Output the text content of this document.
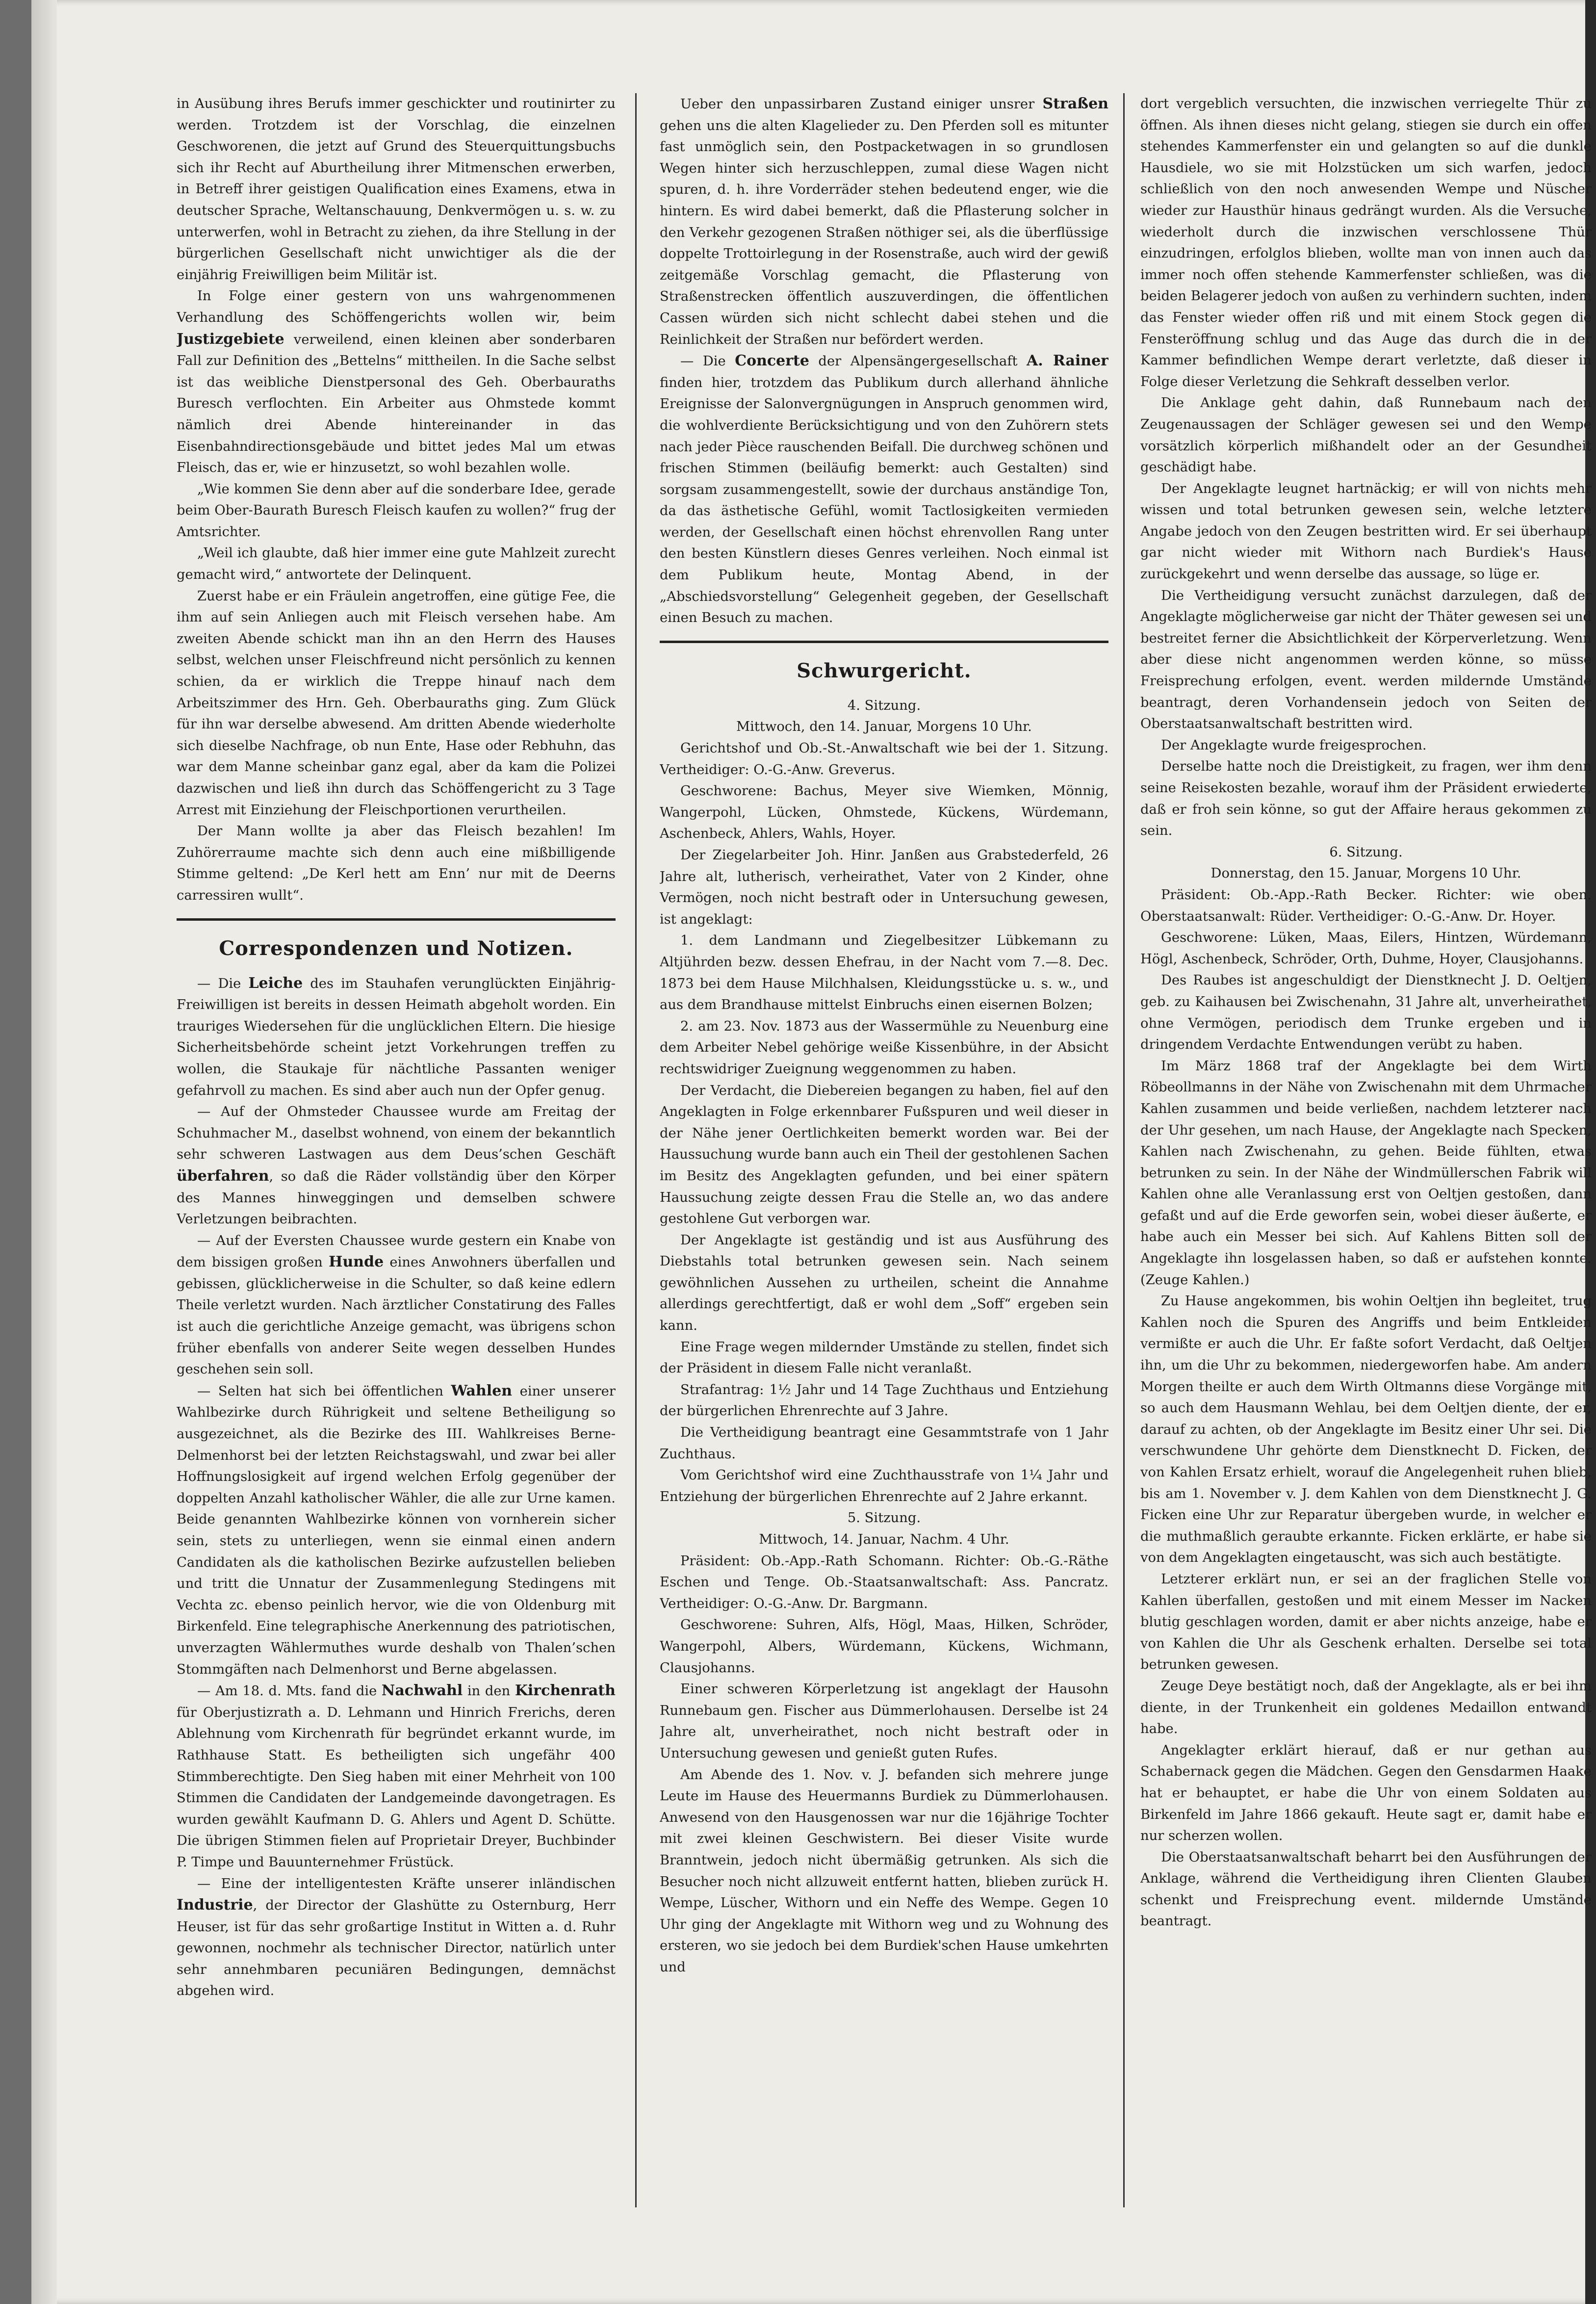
in Ausübung ihres Berufs immer geschickter und routinirter zu werden. Trotzdem ist der Vorschlag, die einzelnen Geschworenen, die jetzt auf Grund des Steuerquittungsbuchs sich ihr Recht auf Aburtheilung ihrer Mitmenschen erwerben, in Betreff ihrer geistigen Qualification eines Examens, etwa in deutscher Sprache, Weltanschauung, Denkvermögen u. s. w. zu unterwerfen, wohl in Betracht zu ziehen, da ihre Stellung in der bürgerlichen Gesellschaft nicht unwichtiger als die der einjährig Freiwilligen beim Militär ist.

In Folge einer gestern von uns wahrgenommenen Verhandlung des Schöffengerichts wollen wir, beim Justizgebiete verweilend, einen kleinen aber sonderbaren Fall zur Definition des „Bettelns“ mittheilen. In die Sache selbst ist das weibliche Dienstpersonal des Geh. Oberbauraths Buresch verflochten. Ein Arbeiter aus Ohmstede kommt nämlich drei Abende hintereinander in das Eisenbahndirectionsgebäude und bittet jedes Mal um etwas Fleisch, das er, wie er hinzusetzt, so wohl bezahlen wolle.

„Wie kommen Sie denn aber auf die sonderbare Idee, gerade beim Ober-Baurath Buresch Fleisch kaufen zu wollen?“ frug der Amtsrichter.

„Weil ich glaubte, daß hier immer eine gute Mahlzeit zurecht gemacht wird,“ antwortete der Delinquent.

Zuerst habe er ein Fräulein angetroffen, eine gütige Fee, die ihm auf sein Anliegen auch mit Fleisch versehen habe. Am zweiten Abende schickt man ihn an den Herrn des Hauses selbst, welchen unser Fleischfreund nicht persönlich zu kennen schien, da er wirklich die Treppe hinauf nach dem Arbeitszimmer des Hrn. Geh. Oberbauraths ging. Zum Glück für ihn war derselbe abwesend. Am dritten Abende wiederholte sich dieselbe Nachfrage, ob nun Ente, Hase oder Rebhuhn, das war dem Manne scheinbar ganz egal, aber da kam die Polizei dazwischen und ließ ihn durch das Schöffengericht zu 3 Tage Arrest mit Einziehung der Fleischportionen verurtheilen.

Der Mann wollte ja aber das Fleisch bezahlen! Im Zuhörerraume machte sich denn auch eine mißbilligende Stimme geltend: „De Kerl hett am Enn’ nur mit de Deerns carressiren wullt“.

Correspondenzen und Notizen.

— Die Leiche des im Stauhafen verunglückten Einjährig-Freiwilligen ist bereits in dessen Heimath abgeholt worden. Ein trauriges Wiedersehen für die unglücklichen Eltern. Die hiesige Sicherheitsbehörde scheint jetzt Vorkehrungen treffen zu wollen, die Staukaje für nächtliche Passanten weniger gefahrvoll zu machen. Es sind aber auch nun der Opfer genug.

— Auf der Ohmsteder Chaussee wurde am Freitag der Schuhmacher M., daselbst wohnend, von einem der bekanntlich sehr schweren Lastwagen aus dem Deus’schen Geschäft überfahren, so daß die Räder vollständig über den Körper des Mannes hinweggingen und demselben schwere Verletzungen beibrachten.

— Auf der Eversten Chaussee wurde gestern ein Knabe von dem bissigen großen Hunde eines Anwohners überfallen und gebissen, glücklicherweise in die Schulter, so daß keine edlern Theile verletzt wurden. Nach ärztlicher Constatirung des Falles ist auch die gerichtliche Anzeige gemacht, was übrigens schon früher ebenfalls von anderer Seite wegen desselben Hundes geschehen sein soll.

— Selten hat sich bei öffentlichen Wahlen einer unserer Wahlbezirke durch Rührigkeit und seltene Betheiligung so ausgezeichnet, als die Bezirke des III. Wahlkreises Berne-Delmenhorst bei der letzten Reichstagswahl, und zwar bei aller Hoffnungslosigkeit auf irgend welchen Erfolg gegenüber der doppelten Anzahl katholischer Wähler, die alle zur Urne kamen. Beide genannten Wahlbezirke können von vornherein sicher sein, stets zu unterliegen, wenn sie einmal einen andern Candidaten als die katholischen Bezirke aufzustellen belieben und tritt die Unnatur der Zusammenlegung Stedingens mit Vechta zc. ebenso peinlich hervor, wie die von Oldenburg mit Birkenfeld. Eine telegraphische Anerkennung des patriotischen, unverzagten Wählermuthes wurde deshalb von Thalen’schen Stommgäften nach Delmenhorst und Berne abgelassen.

— Am 18. d. Mts. fand die Nachwahl in den Kirchenrath für Oberjustizrath a. D. Lehmann und Hinrich Frerichs, deren Ablehnung vom Kirchenrath für begründet erkannt wurde, im Rathhause Statt. Es betheiligten sich ungefähr 400 Stimmberechtigte. Den Sieg haben mit einer Mehrheit von 100 Stimmen die Candidaten der Landgemeinde davongetragen. Es wurden gewählt Kaufmann D. G. Ahlers und Agent D. Schütte. Die übrigen Stimmen fielen auf Proprietair Dreyer, Buchbinder P. Timpe und Bauunternehmer Früstück.

— Eine der intelligentesten Kräfte unserer inländischen Industrie, der Director der Glashütte zu Osternburg, Herr Heuser, ist für das sehr großartige Institut in Witten a. d. Ruhr gewonnen, nochmehr als technischer Director, natürlich unter sehr annehmbaren pecuniären Bedingungen, demnächst abgehen wird.

Ueber den unpassirbaren Zustand einiger unsrer Straßen gehen uns die alten Klagelieder zu. Den Pferden soll es mitunter fast unmöglich sein, den Postpacketwagen in so grundlosen Wegen hinter sich herzuschleppen, zumal diese Wagen nicht spuren, d. h. ihre Vorderräder stehen bedeutend enger, wie die hintern. Es wird dabei bemerkt, daß die Pflasterung solcher in den Verkehr gezogenen Straßen nöthiger sei, als die überflüssige doppelte Trottoirlegung in der Rosenstraße, auch wird der gewiß zeitgemäße Vorschlag gemacht, die Pflasterung von Straßenstrecken öffentlich auszuverdingen, die öffentlichen Cassen würden sich nicht schlecht dabei stehen und die Reinlichkeit der Straßen nur befördert werden.

— Die Concerte der Alpensängergesellschaft A. Rainer finden hier, trotzdem das Publikum durch allerhand ähnliche Ereignisse der Salonvergnügungen in Anspruch genommen wird, die wohlverdiente Berücksichtigung und von den Zuhörern stets nach jeder Pièce rauschenden Beifall. Die durchweg schönen und frischen Stimmen (beiläufig bemerkt: auch Gestalten) sind sorgsam zusammengestellt, sowie der durchaus anständige Ton, da das ästhetische Gefühl, womit Tactlosigkeiten vermieden werden, der Gesellschaft einen höchst ehrenvollen Rang unter den besten Künstlern dieses Genres verleihen. Noch einmal ist dem Publikum heute, Montag Abend, in der „Abschiedsvorstellung“ Gelegenheit gegeben, der Gesellschaft einen Besuch zu machen.

Schwurgericht.

4. Sitzung.

Mittwoch, den 14. Januar, Morgens 10 Uhr.

Gerichtshof und Ob.-St.-Anwaltschaft wie bei der 1. Sitzung. Vertheidiger: O.-G.-Anw. Greverus.

Geschworene: Bachus, Meyer sive Wiemken, Mönnig, Wangerpohl, Lücken, Ohmstede, Kückens, Würdemann, Aschenbeck, Ahlers, Wahls, Hoyer.

Der Ziegelarbeiter Joh. Hinr. Janßen aus Grabstederfeld, 26 Jahre alt, lutherisch, verheirathet, Vater von 2 Kinder, ohne Vermögen, noch nicht bestraft oder in Untersuchung gewesen, ist angeklagt:

1. dem Landmann und Ziegelbesitzer Lübkemann zu Altjührden bezw. dessen Ehefrau, in der Nacht vom 7.—8. Dec. 1873 bei dem Hause Milchhalsen, Kleidungsstücke u. s. w., und aus dem Brandhause mittelst Einbruchs einen eisernen Bolzen;

2. am 23. Nov. 1873 aus der Wassermühle zu Neuenburg eine dem Arbeiter Nebel gehörige weiße Kissenbühre, in der Absicht rechtswidriger Zueignung weggenommen zu haben.

Der Verdacht, die Diebereien begangen zu haben, fiel auf den Angeklagten in Folge erkennbarer Fußspuren und weil dieser in der Nähe jener Oertlichkeiten bemerkt worden war. Bei der Haussuchung wurde bann auch ein Theil der gestohlenen Sachen im Besitz des Angeklagten gefunden, und bei einer spätern Haussuchung zeigte dessen Frau die Stelle an, wo das andere gestohlene Gut verborgen war.

Der Angeklagte ist geständig und ist aus Ausführung des Diebstahls total betrunken gewesen sein. Nach seinem gewöhnlichen Aussehen zu urtheilen, scheint die Annahme allerdings gerechtfertigt, daß er wohl dem „Soff“ ergeben sein kann.

Eine Frage wegen mildernder Umstände zu stellen, findet sich der Präsident in diesem Falle nicht veranlaßt.

Strafantrag: 1½ Jahr und 14 Tage Zuchthaus und Entziehung der bürgerlichen Ehrenrechte auf 3 Jahre.

Die Vertheidigung beantragt eine Gesammtstrafe von 1 Jahr Zuchthaus.

Vom Gerichtshof wird eine Zuchthausstrafe von 1¼ Jahr und Entziehung der bürgerlichen Ehrenrechte auf 2 Jahre erkannt.

5. Sitzung.

Mittwoch, 14. Januar, Nachm. 4 Uhr.

Präsident: Ob.-App.-Rath Schomann. Richter: Ob.-G.-Räthe Eschen und Tenge. Ob.-Staatsanwaltschaft: Ass. Pancratz. Vertheidiger: O.-G.-Anw. Dr. Bargmann.

Geschworene: Suhren, Alfs, Högl, Maas, Hilken, Schröder, Wangerpohl, Albers, Würdemann, Kückens, Wichmann, Clausjohanns.

Einer schweren Körperletzung ist angeklagt der Hausohn Runnebaum gen. Fischer aus Dümmerlohausen. Derselbe ist 24 Jahre alt, unverheirathet, noch nicht bestraft oder in Untersuchung gewesen und genießt guten Rufes.

Am Abende des 1. Nov. v. J. befanden sich mehrere junge Leute im Hause des Heuermanns Burdiek zu Dümmerlohausen. Anwesend von den Hausgenossen war nur die 16jährige Tochter mit zwei kleinen Geschwistern. Bei dieser Visite wurde Branntwein, jedoch nicht übermäßig getrunken. Als sich die Besucher noch nicht allzuweit entfernt hatten, blieben zurück H. Wempe, Lüscher, Withorn und ein Neffe des Wempe. Gegen 10 Uhr ging der Angeklagte mit Withorn weg und zu Wohnung des ersteren, wo sie jedoch bei dem Burdiek'schen Hause umkehrten und

dort vergeblich versuchten, die inzwischen verriegelte Thür zu öffnen. Als ihnen dieses nicht gelang, stiegen sie durch ein offen stehendes Kammerfenster ein und gelangten so auf die dunkle Hausdiele, wo sie mit Holzstücken um sich warfen, jedoch schließlich von den noch anwesenden Wempe und Nüscher wieder zur Hausthür hinaus gedrängt wurden. Als die Versuche, wiederholt durch die inzwischen verschlossene Thür einzudringen, erfolglos blieben, wollte man von innen auch das immer noch offen stehende Kammerfenster schließen, was die beiden Belagerer jedoch von außen zu verhindern suchten, indem das Fenster wieder offen riß und mit einem Stock gegen die Fensteröffnung schlug und das Auge das durch die in der Kammer befindlichen Wempe derart verletzte, daß dieser in Folge dieser Verletzung die Sehkraft desselben verlor.

Die Anklage geht dahin, daß Runnebaum nach den Zeugenaussagen der Schläger gewesen sei und den Wempe vorsätzlich körperlich mißhandelt oder an der Gesundheit geschädigt habe.

Der Angeklagte leugnet hartnäckig; er will von nichts mehr wissen und total betrunken gewesen sein, welche letztere Angabe jedoch von den Zeugen bestritten wird. Er sei überhaupt gar nicht wieder mit Withorn nach Burdiek's Hause zurückgekehrt und wenn derselbe das aussage, so lüge er.

Die Vertheidigung versucht zunächst darzulegen, daß der Angeklagte möglicherweise gar nicht der Thäter gewesen sei und bestreitet ferner die Absichtlichkeit der Körperverletzung. Wenn aber diese nicht angenommen werden könne, so müsse Freisprechung erfolgen, event. werden mildernde Umstände beantragt, deren Vorhandensein jedoch von Seiten der Oberstaatsanwaltschaft bestritten wird.

Der Angeklagte wurde freigesprochen.

Derselbe hatte noch die Dreistigkeit, zu fragen, wer ihm denn seine Reisekosten bezahle, worauf ihm der Präsident erwiederte, daß er froh sein könne, so gut der Affaire heraus gekommen zu sein.

6. Sitzung.

Donnerstag, den 15. Januar, Morgens 10 Uhr.

Präsident: Ob.-App.-Rath Becker. Richter: wie oben. Oberstaatsanwalt: Rüder. Vertheidiger: O.-G.-Anw. Dr. Hoyer.

Geschworene: Lüken, Maas, Eilers, Hintzen, Würdemann, Högl, Aschenbeck, Schröder, Orth, Duhme, Hoyer, Clausjohanns.

Des Raubes ist angeschuldigt der Dienstknecht J. D. Oeltjen, geb. zu Kaihausen bei Zwischenahn, 31 Jahre alt, unverheirathet, ohne Vermögen, periodisch dem Trunke ergeben und in dringendem Verdachte Entwendungen verübt zu haben.

Im März 1868 traf der Angeklagte bei dem Wirth Röbeollmanns in der Nähe von Zwischenahn mit dem Uhrmacher Kahlen zusammen und beide verließen, nachdem letzterer nach der Uhr gesehen, um nach Hause, der Angeklagte nach Specken, Kahlen nach Zwischenahn, zu gehen. Beide fühlten, etwas betrunken zu sein. In der Nähe der Windmüllerschen Fabrik will Kahlen ohne alle Veranlassung erst von Oeltjen gestoßen, dann gefaßt und auf die Erde geworfen sein, wobei dieser äußerte, er habe auch ein Messer bei sich. Auf Kahlens Bitten soll der Angeklagte ihn losgelassen haben, so daß er aufstehen konnte. (Zeuge Kahlen.)

Zu Hause angekommen, bis wohin Oeltjen ihn begleitet, trug Kahlen noch die Spuren des Angriffs und beim Entkleiden vermißte er auch die Uhr. Er faßte sofort Verdacht, daß Oeltjen ihn, um die Uhr zu bekommen, niedergeworfen habe. Am andern Morgen theilte er auch dem Wirth Oltmanns diese Vorgänge mit, so auch dem Hausmann Wehlau, bei dem Oeltjen diente, der er, darauf zu achten, ob der Angeklagte im Besitz einer Uhr sei. Die verschwundene Uhr gehörte dem Dienstknecht D. Ficken, der von Kahlen Ersatz erhielt, worauf die Angelegenheit ruhen blieb, bis am 1. November v. J. dem Kahlen von dem Dienstknecht J. G. Ficken eine Uhr zur Reparatur übergeben wurde, in welcher er die muthmaßlich geraubte erkannte. Ficken erklärte, er habe sie von dem Angeklagten eingetauscht, was sich auch bestätigte.

Letzterer erklärt nun, er sei an der fraglichen Stelle von Kahlen überfallen, gestoßen und mit einem Messer im Nacken blutig geschlagen worden, damit er aber nichts anzeige, habe er von Kahlen die Uhr als Geschenk erhalten. Derselbe sei total betrunken gewesen.

Zeuge Deye bestätigt noch, daß der Angeklagte, als er bei ihm diente, in der Trunkenheit ein goldenes Medaillon entwandt habe.

Angeklagter erklärt hierauf, daß er nur gethan aus Schabernack gegen die Mädchen. Gegen den Gensdarmen Haake hat er behauptet, er habe die Uhr von einem Soldaten aus Birkenfeld im Jahre 1866 gekauft. Heute sagt er, damit habe er nur scherzen wollen.

Die Oberstaatsanwaltschaft beharrt bei den Ausführungen der Anklage, während die Vertheidigung ihren Clienten Glauben schenkt und Freisprechung event. mildernde Umstände beantragt.
